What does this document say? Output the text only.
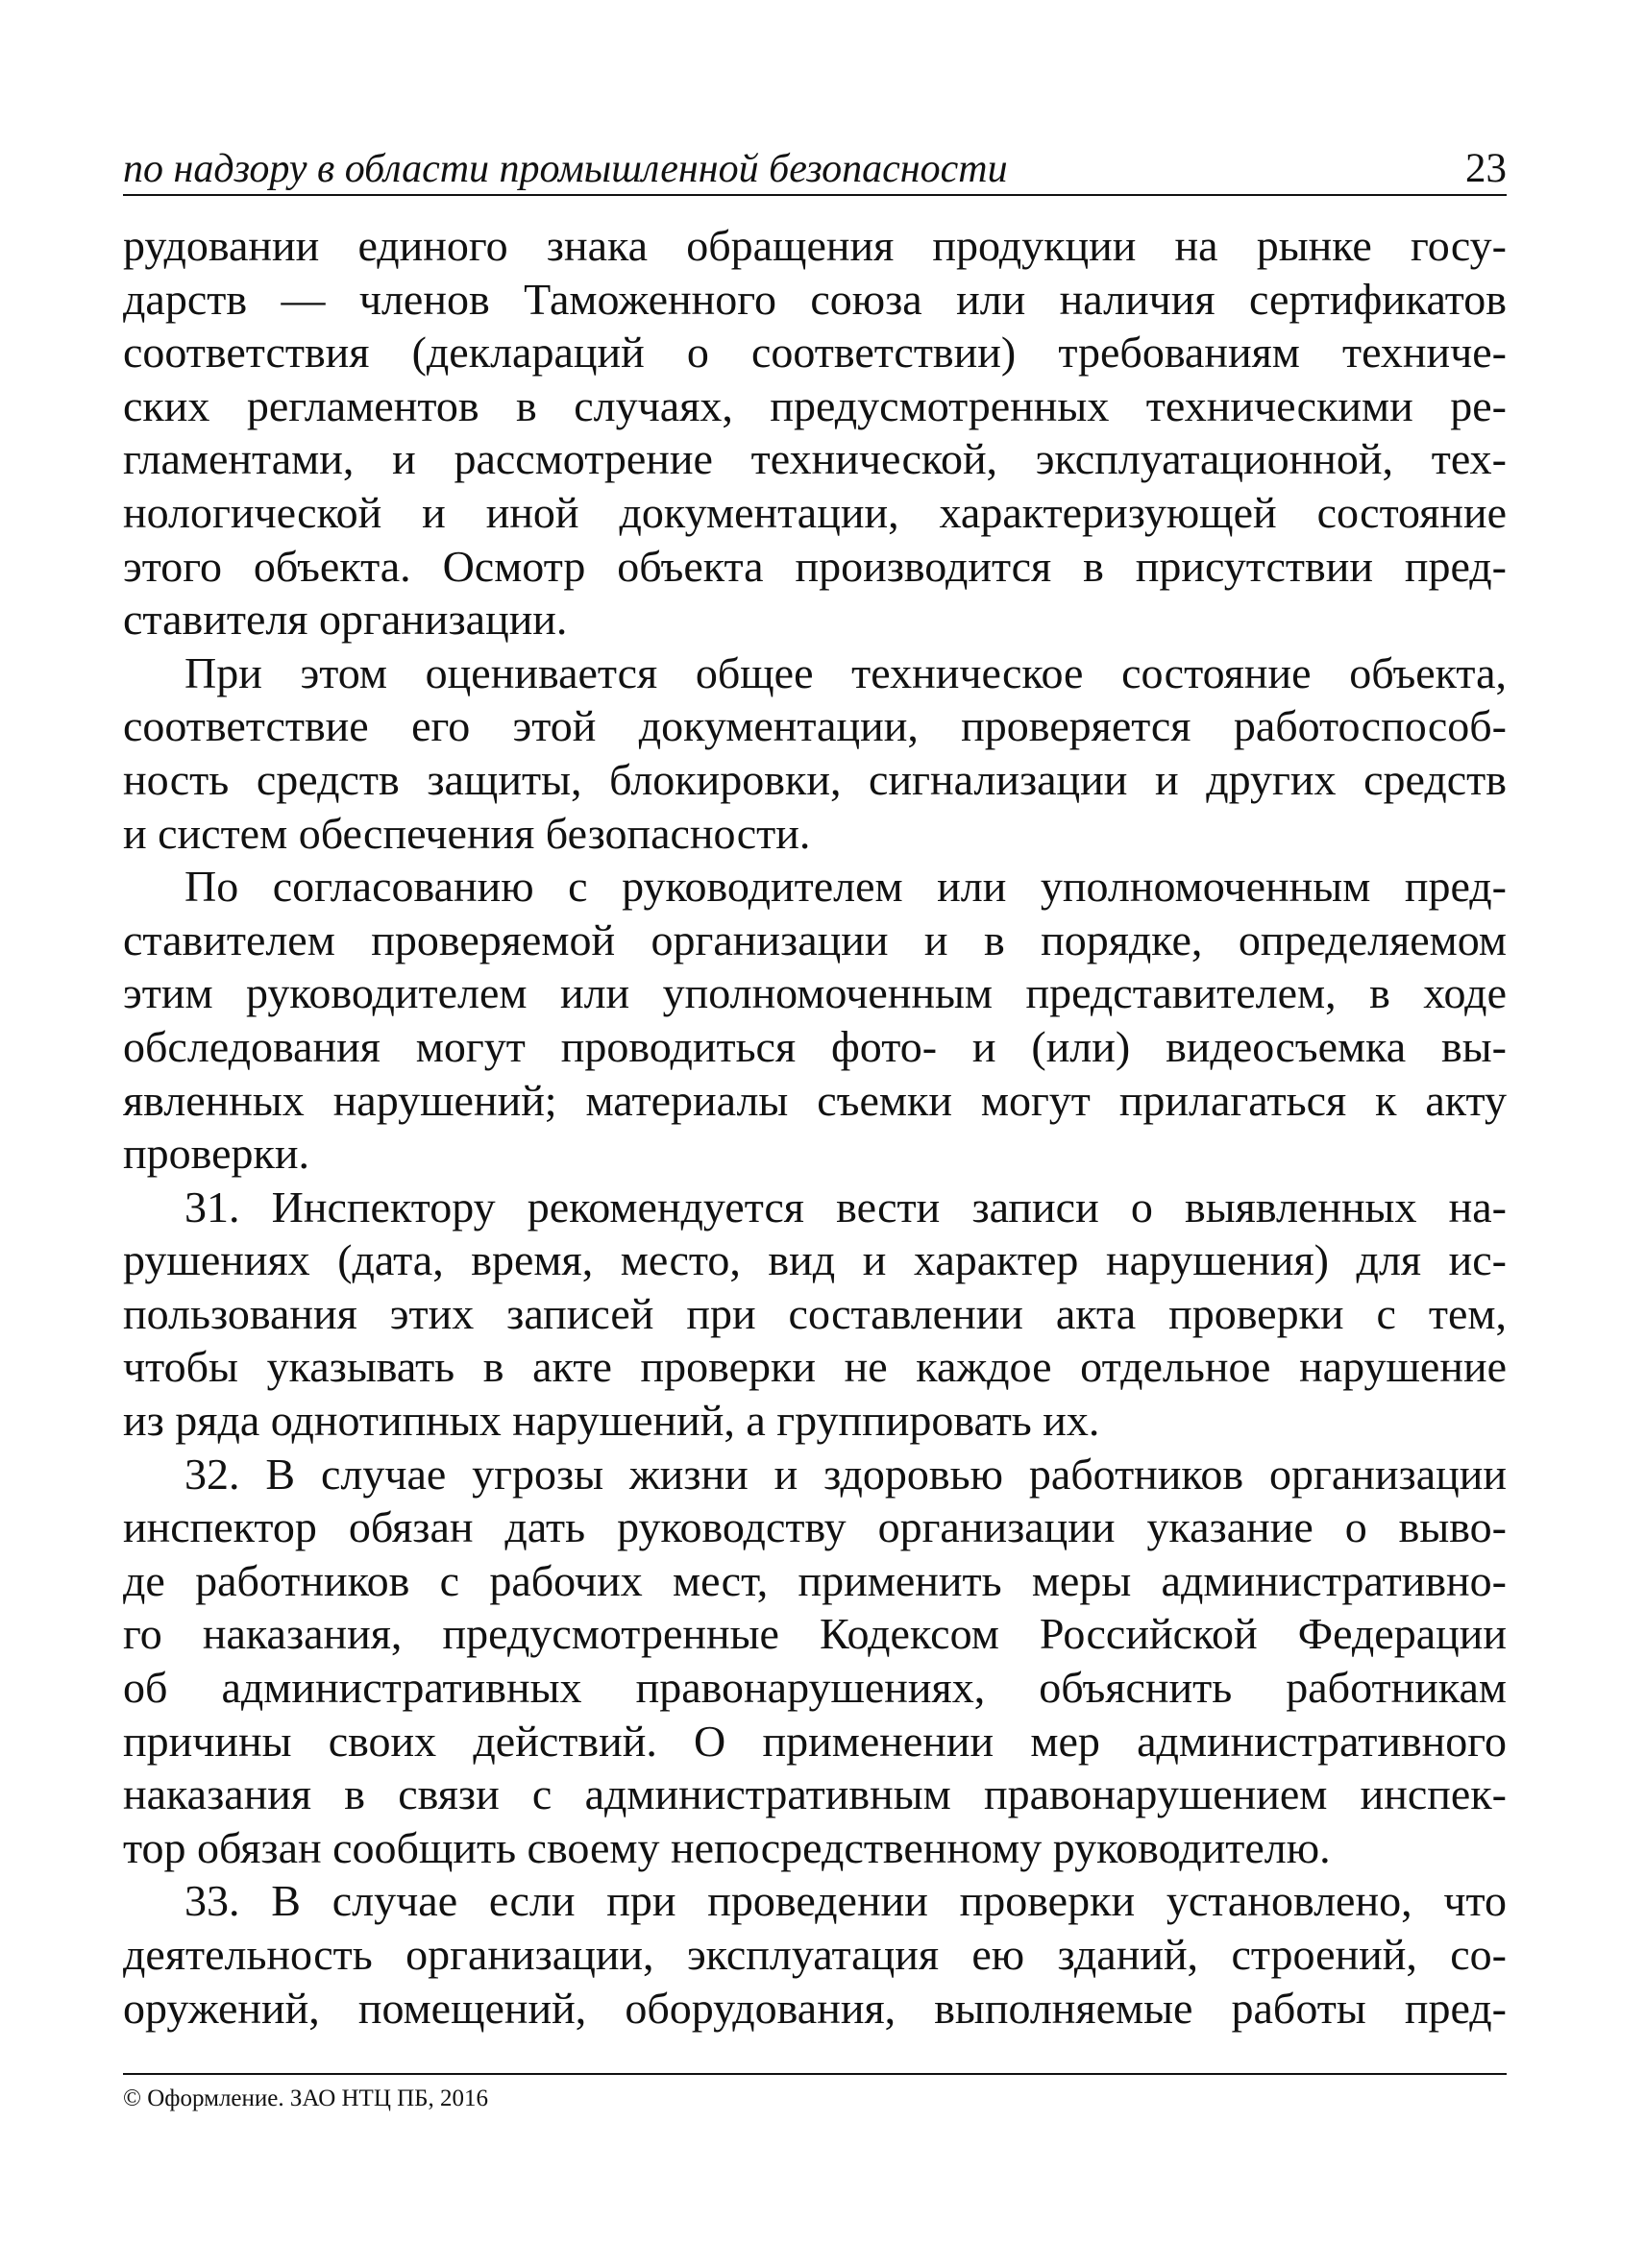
по надзору в области промышленной безопасности	23
рудовании единого знака обращения продукции на рынке госу-
дарств — членов Таможенного союза или наличия сертификатов
соответствия (деклараций о соответствии) требованиям техниче-
ских регламентов в случаях, предусмотренных техническими ре-
гламентами, и рассмотрение технической, эксплуатационной, тех-
нологической и иной документации, характеризующей состояние
этого объекта. Осмотр объекта производится в присутствии пред-
ставителя организации.
При этом оценивается общее техническое состояние объекта,
соответствие его этой документации, проверяется работоспособ-
ность средств защиты, блокировки, сигнализации и других средств
и систем обеспечения безопасности.
По согласованию с руководителем или уполномоченным пред-
ставителем проверяемой организации и в порядке, определяемом
этим руководителем или уполномоченным представителем, в ходе
обследования могут проводиться фото- и (или) видеосъемка вы-
явленных нарушений; материалы съемки могут прилагаться к акту
проверки.
31. Инспектору рекомендуется вести записи о выявленных на-
рушениях (дата, время, место, вид и характер нарушения) для ис-
пользования этих записей при составлении акта проверки с тем,
чтобы указывать в акте проверки не каждое отдельное нарушение
из ряда однотипных нарушений, а группировать их.
32. В случае угрозы жизни и здоровью работников организации
инспектор обязан дать руководству организации указание о выво-
де работников с рабочих мест, применить меры административно-
го наказания, предусмотренные Кодексом Российской Федерации
об административных правонарушениях, объяснить работникам
причины своих действий. О применении мер административного
наказания в связи с административным правонарушением инспек-
тор обязан сообщить своему непосредственному руководителю.
33. В случае если при проведении проверки установлено, что
деятельность организации, эксплуатация ею зданий, строений, со-
оружений, помещений, оборудования, выполняемые работы пред-
© Оформление. ЗАО НТЦ ПБ, 2016
